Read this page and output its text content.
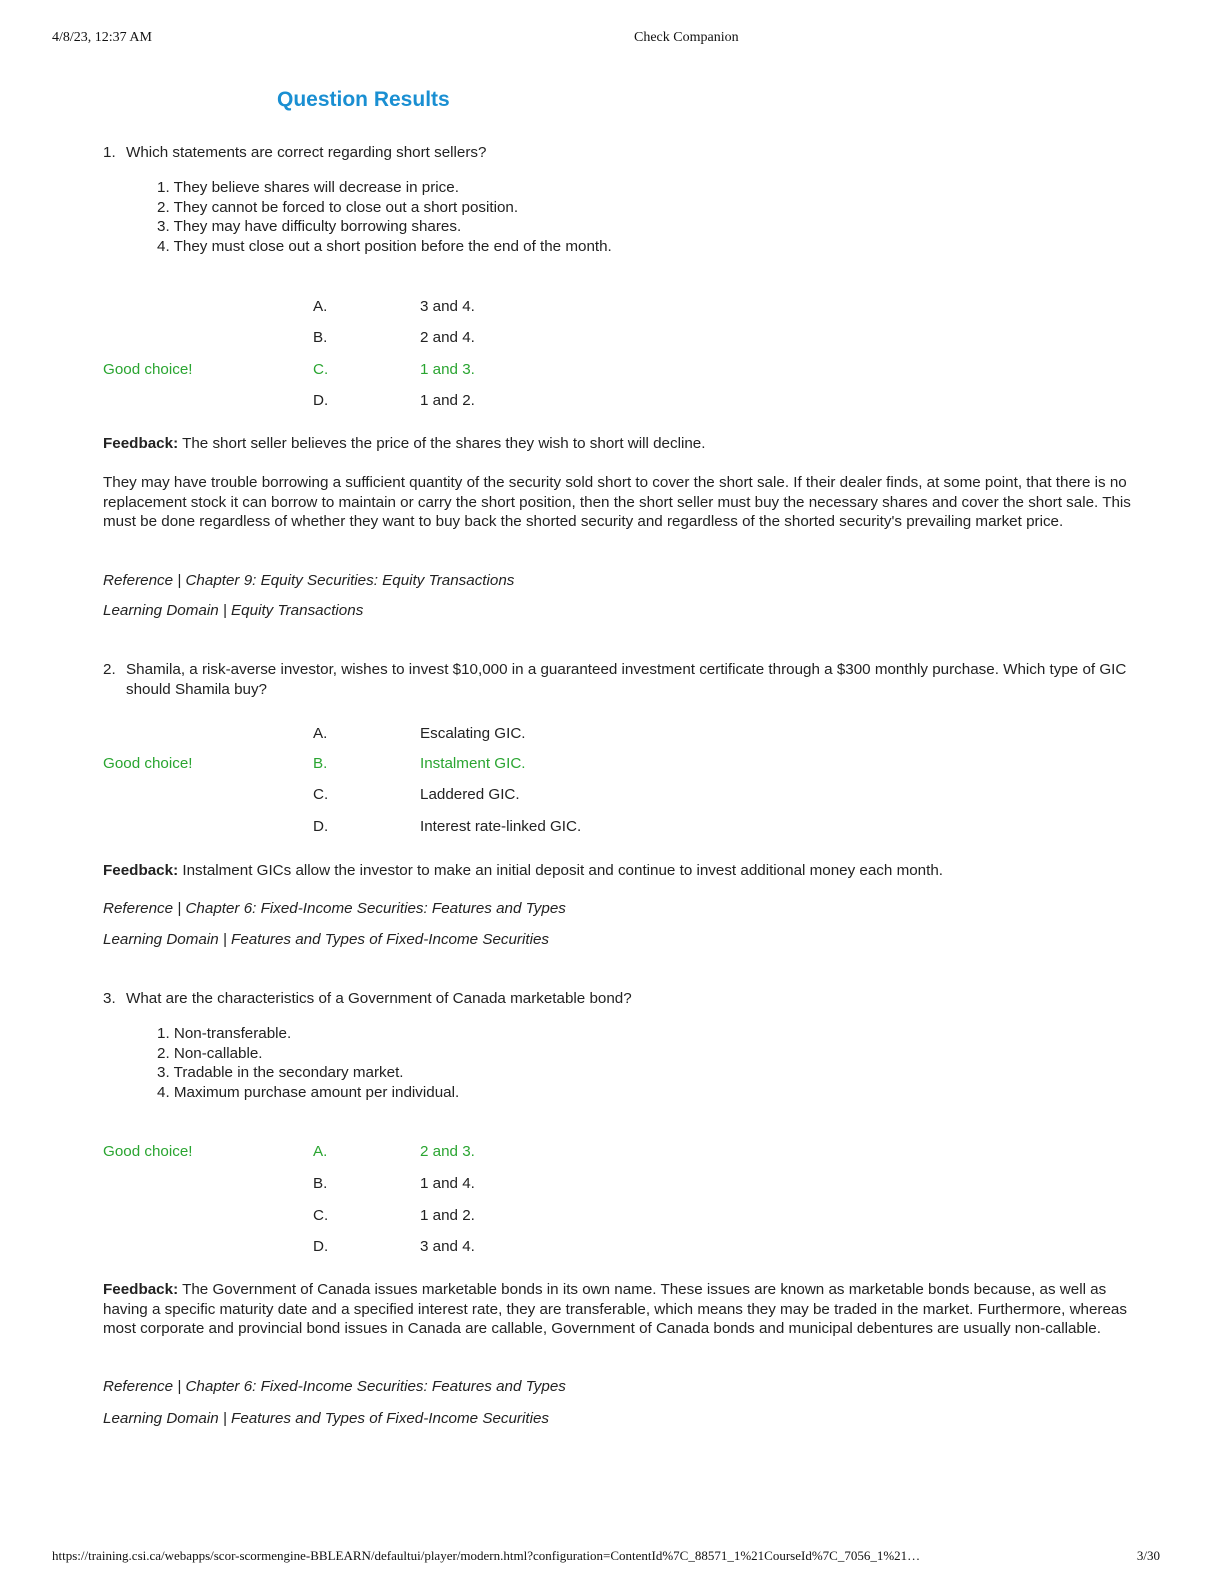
4/8/23, 12:37 AM	Check Companion
Question Results

1. Which statements are correct regarding short sellers?

1. They believe shares will decrease in price.
2. They cannot be forced to close out a short position.
3. They may have difficulty borrowing shares.
4. They must close out a short position before the end of the month.
A.	3 and 4.
B.	2 and 4.
Good choice!	C.	1 and 3.
D.	1 and 2.

Feedback: The short seller believes the price of the shares they wish to short will decline.

They may have trouble borrowing a sufficient quantity of the security sold short to cover the short sale. If their dealer finds, at some point, that there is no replacement stock it can borrow to maintain or carry the short position, then the short seller must buy the necessary shares and cover the short sale. This must be done regardless of whether they want to buy back the shorted security and regardless of the shorted security's prevailing market price.

Reference | Chapter 9: Equity Securities: Equity Transactions

Learning Domain | Equity Transactions

2. Shamila, a risk-averse investor, wishes to invest $10,000 in a guaranteed investment certificate through a $300 monthly purchase. Which type of GIC should Shamila buy?

A.	Escalating GIC.
Good choice!	B.	Instalment GIC.
C.	Laddered GIC.
D.	Interest rate-linked GIC.

Feedback: Instalment GICs allow the investor to make an initial deposit and continue to invest additional money each month.

Reference | Chapter 6: Fixed-Income Securities: Features and Types

Learning Domain | Features and Types of Fixed-Income Securities

3. What are the characteristics of a Government of Canada marketable bond?

1. Non-transferable.
2. Non-callable.
3. Tradable in the secondary market.
4. Maximum purchase amount per individual.
Good choice!	A.	2 and 3.
B.	1 and 4.
C.	1 and 2.
D.	3 and 4.

Feedback: The Government of Canada issues marketable bonds in its own name. These issues are known as marketable bonds because, as well as having a specific maturity date and a specified interest rate, they are transferable, which means they may be traded in the market. Furthermore, whereas most corporate and provincial bond issues in Canada are callable, Government of Canada bonds and municipal debentures are usually non-callable.

Reference | Chapter 6: Fixed-Income Securities: Features and Types

Learning Domain | Features and Types of Fixed-Income Securities

https://training.csi.ca/webapps/scor-scormengine-BBLEARN/defaultui/player/modern.html?configuration=ContentId%7C_88571_1%21CourseId%7C_7056_1%21…	3/30
